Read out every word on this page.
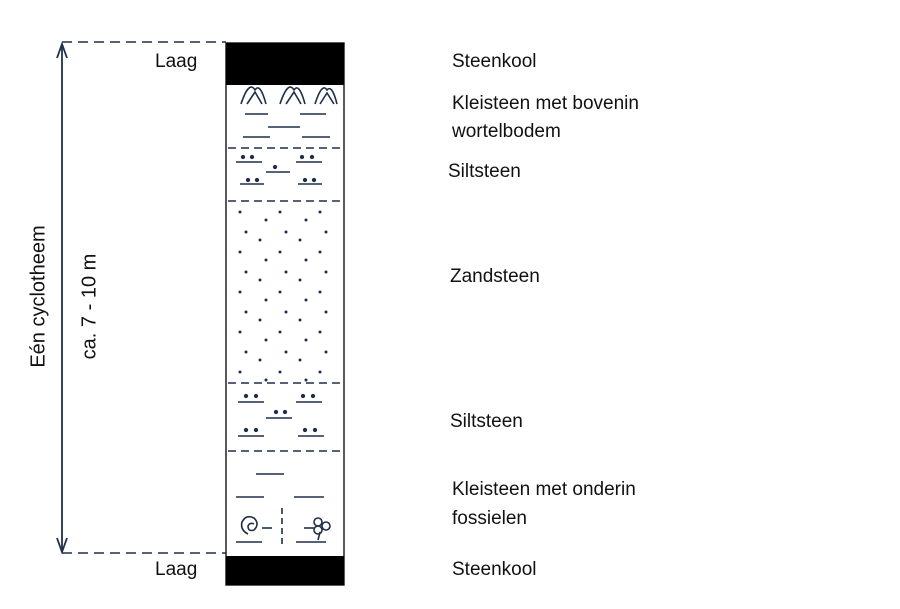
Laag
Laag
Eén cyclotheem ca. 7 - 10 m
Steenkool
Kleisteen met bovenin
wortelbodem
Siltsteen
Zandsteen
Siltsteen
Kleisteen met onderin
fossielen
Steenkool
